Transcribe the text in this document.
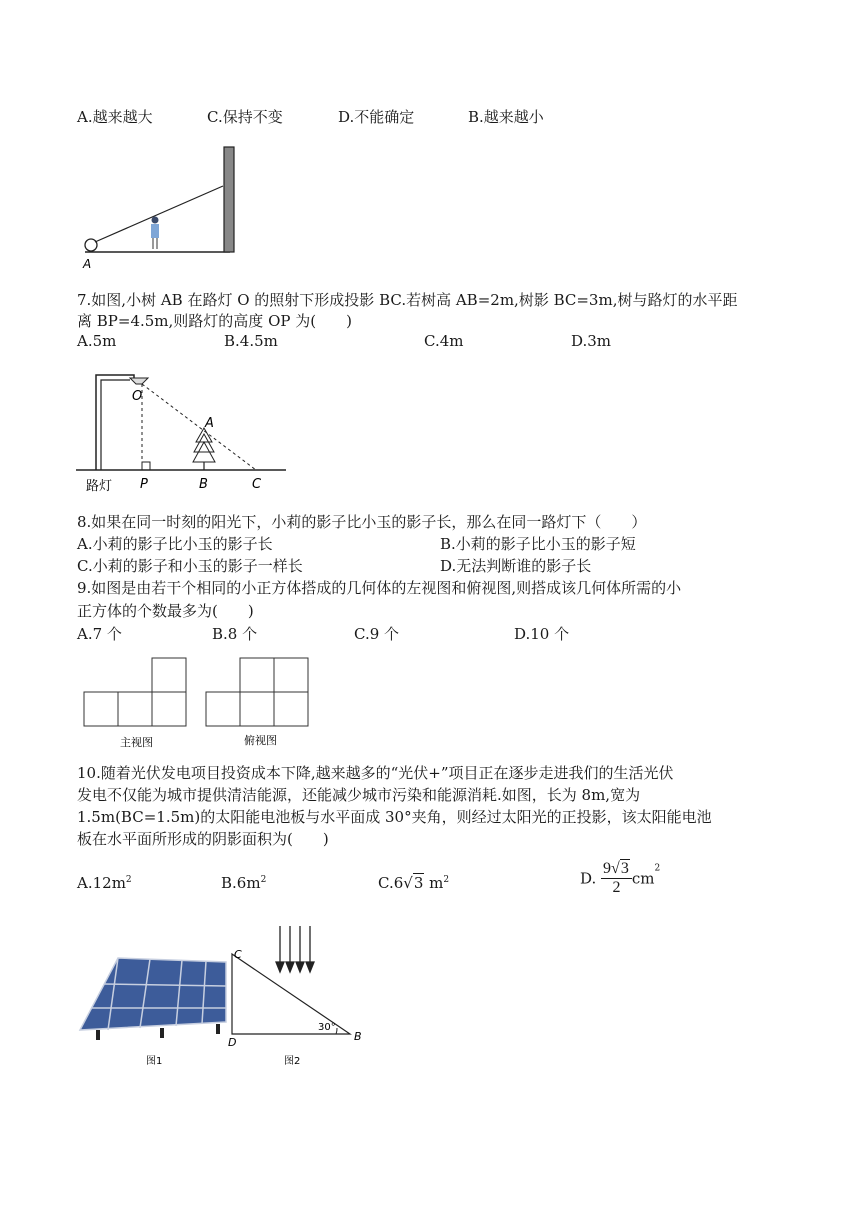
A.越来越大	C.保持不变	D.不能确定	B.越来越小
A
7.如图,小树 AB 在路灯 O 的照射下形成投影 BC.若树高 AB=2m,树影 BC=3m,树与路灯的水平距
离 BP=4.5m,则路灯的高度 OP 为(　　)
A.5m	B.4.5m	C.4m	D.3m
O
A
路灯 P	B	C
8.如果在同一时刻的阳光下，小莉的影子比小玉的影子长，那么在同一路灯下（　　）
A.小莉的影子比小玉的影子长	B.小莉的影子比小玉的影子短
C.小莉的影子和小玉的影子一样长	D.无法判断谁的影子长
9.如图是由若干个相同的小正方体搭成的几何体的左视图和俯视图,则搭成该几何体所需的小
正方体的个数最多为(　　)
A.7 个	B.8 个	C.9 个	D.10 个
主视图	俯视图
10.随着光伏发电项目投资成本下降,越来越多的“光伏+”项目正在逐步走进我们的生活光伏
发电不仅能为城市提供清洁能源，还能减少城市污染和能源消耗.如图，长为 8m,宽为
1.5m(BC=1.5m)的太阳能电池板与水平面成 30°夹角，则经过太阳光的正投影，该太阳能电池
板在水平面所形成的阴影面积为(　　)
$A.12m^2$	$B.6m^2$	C.6√3 $m^2$	D. $\frac{9√3}{2} cm^2$
C
D	B
30°
图1	图2
